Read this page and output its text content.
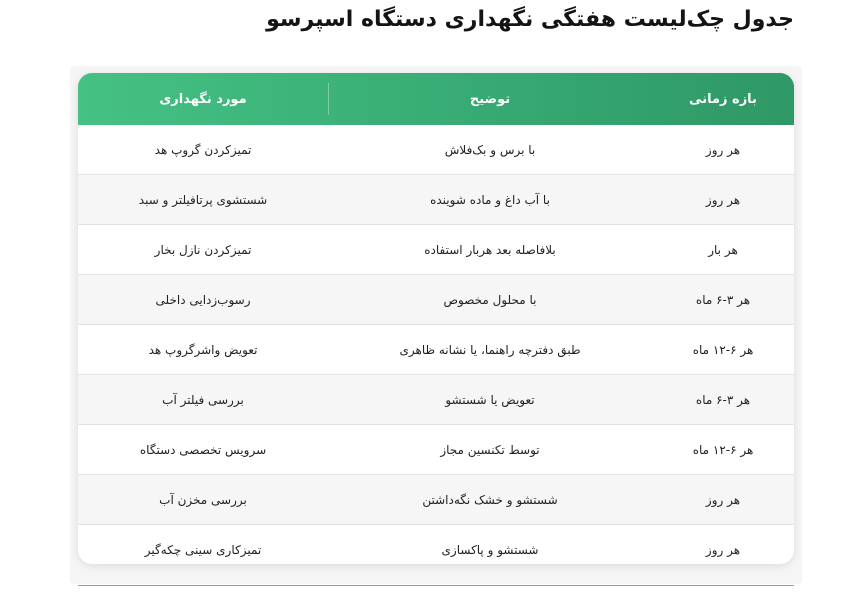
جدول چک‌لیست هفتگی نگهداری دستگاه اسپرسو
بازه زمانی
توضیح
مورد نگهداری
هر روز
با برس و بک‌فلاش
تمیزکردن گروپ هد
هر روز
با آب داغ و ماده شوینده
شستشوی پرتافیلتر و سبد
هر بار
بلافاصله بعد هربار استفاده
تمیزکردن نازل بخار
هر ۳-۶ ماه
با محلول مخصوص
رسوب‌زدایی داخلی
هر ۶-۱۲ ماه
طبق دفترچه راهنما، یا نشانه ظاهری
تعویض واشرگروپ هد
هر ۳-۶ ماه
تعویض یا شستشو
بررسی فیلتر آب
هر ۶-۱۲ ماه
توسط تکنسین مجاز
سرویس تخصصی دستگاه
هر روز
شستشو و خشک نگه‌داشتن
بررسی مخزن آب
هر روز
شستشو و پاکسازی
تمیزکاری سینی چکه‌گیر
